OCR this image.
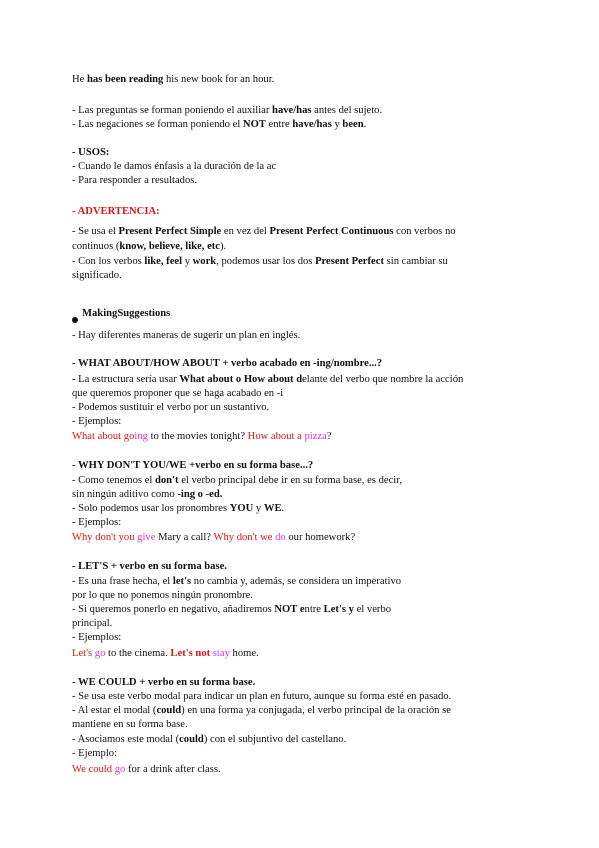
He has been reading his new book for an hour.
- Las preguntas se forman poniendo el auxiliar have/has antes del sujeto.
- Las negaciones se forman poniendo el NOT entre have/has y been.
- USOS:
- Cuando le damos énfasis a la duración de la ac
- Para responder a resultados.
- ADVERTENCIA:
- Se usa el Present Perfect Simple en vez del Present Perfect Continuous con verbos no
continuos (know, believe, like, etc).
- Con los verbos like, feel y work, podemos usar los dos Present Perfect sin cambiar su
significado.
MakingSuggestions
- Hay diferentes maneras de sugerir un plan en inglés.
- WHAT ABOUT/HOW ABOUT + verbo acabado en -ing/nombre...?
- La estructura sería usar What about o How about delante del verbo que nombre la acción
que queremos proponer que se haga acabado en -i
- Podemos sustituir el verbo por un sustantivo.
- Ejemplos:
What about going to the movies tonight? How about a pizza?
- WHY DON'T YOU/WE +verbo en su forma base...?
- Como tenemos el don't el verbo principal debe ir en su forma base, es decir,
sin ningún aditivo como -ing o -ed.
- Solo podemos usar los pronombres YOU y WE.
- Ejemplos:
Why don't you give Mary a call? Why don't we do our homework?
- LET'S + verbo en su forma base.
- Es una frase hecha, el let's no cambia y, además, se considera un imperativo
por lo que no ponemos ningún pronombre.
- Si queremos ponerlo en negativo, añadiremos NOT entre Let's y el verbo
principal.
- Ejemplos:
Let's go to the cinema. Let's not stay home.
- WE COULD + verbo en su forma base.
- Se usa este verbo modal para indicar un plan en futuro, aunque su forma esté en pasado.
- Al estar el modal (could) en una forma ya conjugada, el verbo principal de la oración se
mantiene en su forma base.
- Asociamos este modal (could) con el subjuntivo del castellano.
- Ejemplo:
We could go for a drink after class.
